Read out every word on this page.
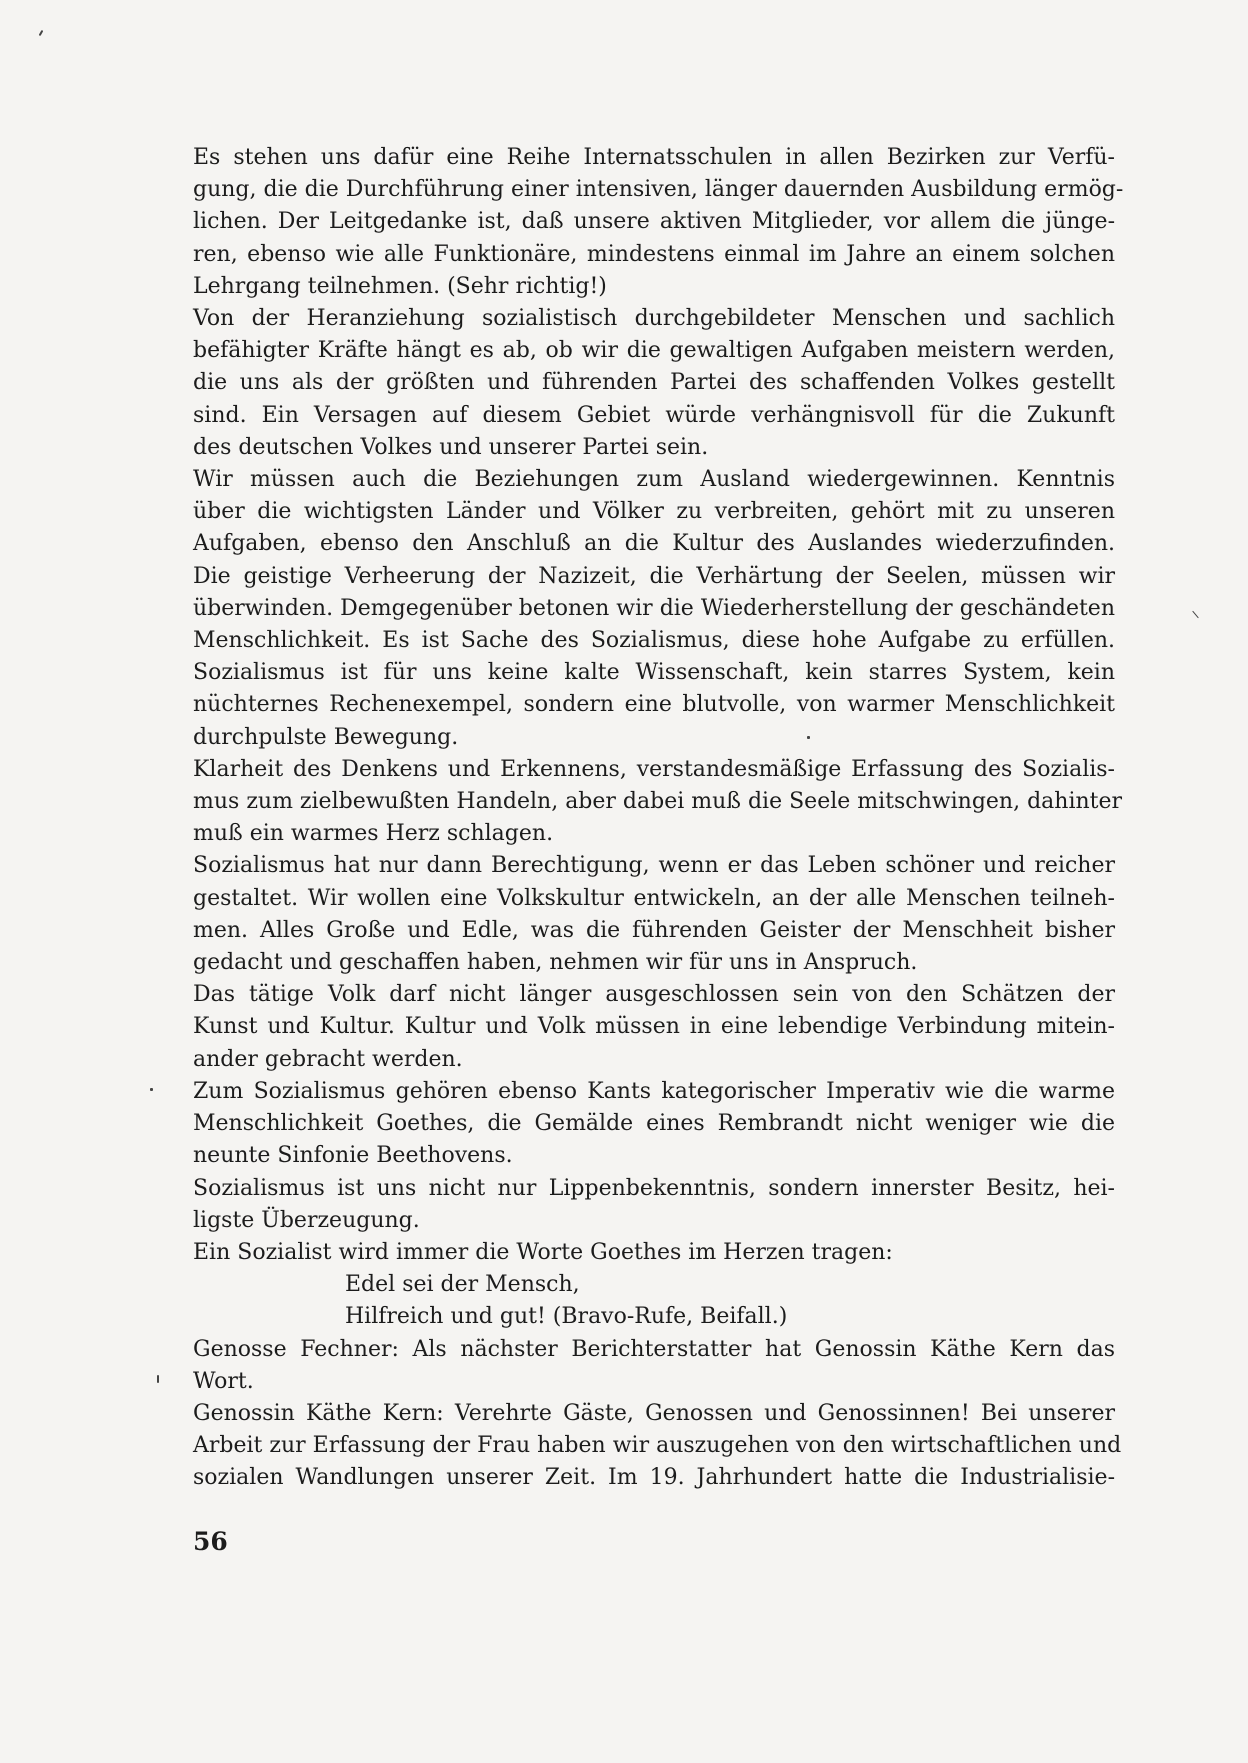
Es stehen uns dafür eine Reihe Internatsschulen in allen Bezirken zur Verfü-
gung, die die Durchführung einer intensiven, länger dauernden Ausbildung ermög-
lichen. Der Leitgedanke ist, daß unsere aktiven Mitglieder, vor allem die jünge-
ren, ebenso wie alle Funktionäre, mindestens einmal im Jahre an einem solchen
Lehrgang teilnehmen. (Sehr richtig!)
Von der Heranziehung sozialistisch durchgebildeter Menschen und sachlich
befähigter Kräfte hängt es ab, ob wir die gewaltigen Aufgaben meistern werden,
die uns als der größten und führenden Partei des schaffenden Volkes gestellt
sind. Ein Versagen auf diesem Gebiet würde verhängnisvoll für die Zukunft
des deutschen Volkes und unserer Partei sein.
Wir müssen auch die Beziehungen zum Ausland wiedergewinnen. Kenntnis
über die wichtigsten Länder und Völker zu verbreiten, gehört mit zu unseren
Aufgaben, ebenso den Anschluß an die Kultur des Auslandes wiederzufinden.
Die geistige Verheerung der Nazizeit, die Verhärtung der Seelen, müssen wir
überwinden. Demgegenüber betonen wir die Wiederherstellung der geschändeten
Menschlichkeit. Es ist Sache des Sozialismus, diese hohe Aufgabe zu erfüllen.
Sozialismus ist für uns keine kalte Wissenschaft, kein starres System, kein
nüchternes Rechenexempel, sondern eine blutvolle, von warmer Menschlichkeit
durchpulste Bewegung.
Klarheit des Denkens und Erkennens, verstandesmäßige Erfassung des Sozialis-
mus zum zielbewußten Handeln, aber dabei muß die Seele mitschwingen, dahinter
muß ein warmes Herz schlagen.
Sozialismus hat nur dann Berechtigung, wenn er das Leben schöner und reicher
gestaltet. Wir wollen eine Volkskultur entwickeln, an der alle Menschen teilneh-
men. Alles Große und Edle, was die führenden Geister der Menschheit bisher
gedacht und geschaffen haben, nehmen wir für uns in Anspruch.
Das tätige Volk darf nicht länger ausgeschlossen sein von den Schätzen der
Kunst und Kultur. Kultur und Volk müssen in eine lebendige Verbindung mitein-
ander gebracht werden.
Zum Sozialismus gehören ebenso Kants kategorischer Imperativ wie die warme
Menschlichkeit Goethes, die Gemälde eines Rembrandt nicht weniger wie die
neunte Sinfonie Beethovens.
Sozialismus ist uns nicht nur Lippenbekenntnis, sondern innerster Besitz, hei-
ligste Überzeugung.
Ein Sozialist wird immer die Worte Goethes im Herzen tragen:
Edel sei der Mensch,
Hilfreich und gut! (Bravo-Rufe, Beifall.)
Genosse Fechner: Als nächster Berichterstatter hat Genossin Käthe Kern das
Wort.
Genossin Käthe Kern: Verehrte Gäste, Genossen und Genossinnen! Bei unserer
Arbeit zur Erfassung der Frau haben wir auszugehen von den wirtschaftlichen und
sozialen Wandlungen unserer Zeit. Im 19. Jahrhundert hatte die Industrialisie-
56
